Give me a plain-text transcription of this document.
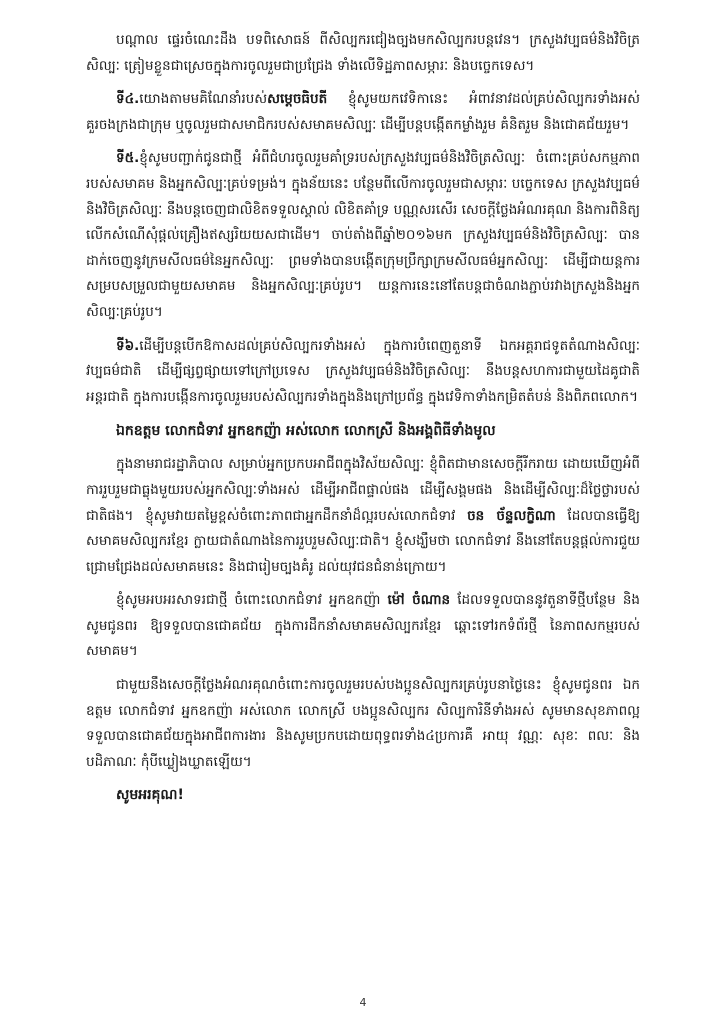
បណ្តាល ផ្ទេរចំណេះដឹង បទពិសោធន៍ ពីសិល្បករជៀងច្បងមកសិល្បករបន្តវេន។ ក្រសួងវប្បធម៌និងវិចិត្រសិល្បៈ ត្រៀមខ្លួនជាស្រេចក្នុងការចូលរួមជាប្រជ្រែង ទាំងលើទិដ្ឋភាពសម្ភារៈ និងបច្ចេកទេស។

ទី៤.យោងតាមមគិណែនាំរបស់សម្តេចធិបតី ខ្ញុំសូមយកវេទិកានេះ អំពាវនាវដល់គ្រប់សិល្បករទាំងអស់ គួរចងក្រងជាក្រុម ឬចូលរួមជាសមាជិករបស់សមាគមសិល្បៈ ដើម្បីបន្តបង្កើតកម្លាំងរួម គំនិតរួម និងជោគជ័យរួម។

ទី៥.ខ្ញុំសូមបញ្ជាក់ជូនជាថ្មី អំពីជំហរចូលរួមគាំទ្ររបស់ក្រសួងវប្បធម៌និងវិចិត្រសិល្បៈ ចំពោះគ្រប់សកម្មភាពរបស់សមាគម និងអ្នកសិល្បៈគ្រប់ទម្រង់។ ក្នុងន័យនេះ បន្ថែមពីលើការចូលរួមជាសម្ភារៈ បច្ចេកទេស ក្រសួងវប្បធម៌និងវិចិត្រសិល្បៈ នឹងបន្តចេញជាលិខិតទទួលស្គាល់ លិខិតគាំទ្រ បណ្ណសរសើរ សេចក្តីថ្លែងអំណរគុណ និងការពិនិត្យលើកសំណើសុំផ្តល់គ្រឿងឥស្សរិយយសជាដើម។ ចាប់តាំងពីឆ្នាំ២០១៦មក ក្រសួងវប្បធម៌និងវិចិត្រសិល្បៈ បានដាក់ចេញនូវក្រមសីលធម៌នៃអ្នកសិល្បៈ ព្រមទាំងបានបង្កើតក្រុមប្រឹក្សាក្រមសីលធម៌អ្នកសិល្បៈ ដើម្បីជាយន្តការសម្របសម្រួលជាមួយសមាគម និងអ្នកសិល្បៈគ្រប់រូប។ យន្តការនេះនៅតែបន្តជាចំណងភ្ជាប់រវាងក្រសួងនិងអ្នកសិល្បៈគ្រប់រូប។

ទី៦.ដើម្បីបន្តបើកឱកាសដល់គ្រប់សិល្បករទាំងអស់ ក្នុងការបំពេញតួនាទី ឯកអគ្គរាជទូតតំណាងសិល្បៈវប្បធម៌ជាតិ ដើម្បីផ្សព្វផ្សាយទៅក្រៅប្រទេស ក្រសួងវប្បធម៌និងវិចិត្រសិល្បៈ នឹងបន្តសហការជាមួយដៃគូជាតិ អន្តរជាតិ ក្នុងការបង្កើនការចូលរួមរបស់សិល្បករទាំងក្នុងនិងក្រៅប្រព័ន្ធ ក្នុងវេទិកាទាំងកម្រិតតំបន់ និងពិភពលោក។

ឯកឧត្តម លោកជំទាវ អ្នកឧកញ៉ា អស់លោក លោកស្រី និងអង្គពិធីទាំងមូល

ក្នុងនាមរាជរដ្ឋាភិបាល សម្រាប់អ្នកប្រកបអាជីពក្នុងវិស័យសិល្បៈ ខ្ញុំពិតជាមានសេចក្តីរីករាយ ដោយឃើញអំពីការរួបរួមជាធ្លុងមួយរបស់អ្នកសិល្បៈទាំងអស់ ដើម្បីអាជីពផ្ទាល់ផង ដើម្បីសង្គមផង និងដើម្បីសិល្បៈដ៏ថ្លៃថ្លារបស់ជាតិផង។ ខ្ញុំសូមវាយតម្លៃខ្ពស់ចំពោះភាពជាអ្នកដឹកនាំដ៏ល្អរបស់លោកជំទាវ ចន ច័ន្ទលក្ខិណា ដែលបានធ្វើឱ្យសមាគមសិល្បករខ្មែរ ក្លាយជាតំណាងនៃការរួបរួមសិល្បៈជាតិ។ ខ្ញុំសង្ឃឹមថា លោកជំទាវ នឹងនៅតែបន្តផ្តល់ការជួយជ្រោមជ្រែងដល់សមាគមនេះ និងជារៀមច្បងគំរូ ដល់យុវជនជំនាន់ក្រោយ។

ខ្ញុំសូមអបអរសាទរជាថ្មី ចំពោះលោកជំទាវ អ្នកឧកញ៉ា ម៉ៅ ចំណាន ដែលទទួលបាននូវតួនាទីថ្មីបន្ថែម និងសូមជូនពរ ឱ្យទទួលបានជោគជ័យ ក្នុងការដឹកនាំសមាគមសិល្បករខ្មែរ ឆ្ពោះទៅរកទំព័រថ្មី នៃភាពសកម្មរបស់សមាគម។

ជាមួយនឹងសេចក្តីថ្លែងអំណរគុណចំពោះការចូលរួមរបស់បងប្អូនសិល្បករគ្រប់រូបនាថ្ងៃនេះ ខ្ញុំសូមជូនពរ ឯកឧត្តម លោកជំទាវ អ្នកឧកញ៉ា អស់លោក លោកស្រី បងប្អូនសិល្បករ សិល្បការិនីទាំងអស់ សូមមានសុខភាពល្អ ទទួលបានជោគជ័យក្នុងអាជីពការងារ និងសូមប្រកបដោយពុទ្ធពរទាំង៤ប្រការគឺ អាយុ វណ្ណៈ សុខៈ ពលៈ និងបដិភាណៈ កុំបីឃ្លៀងឃ្លាតឡើយ។

សូមអរគុណ!
4
